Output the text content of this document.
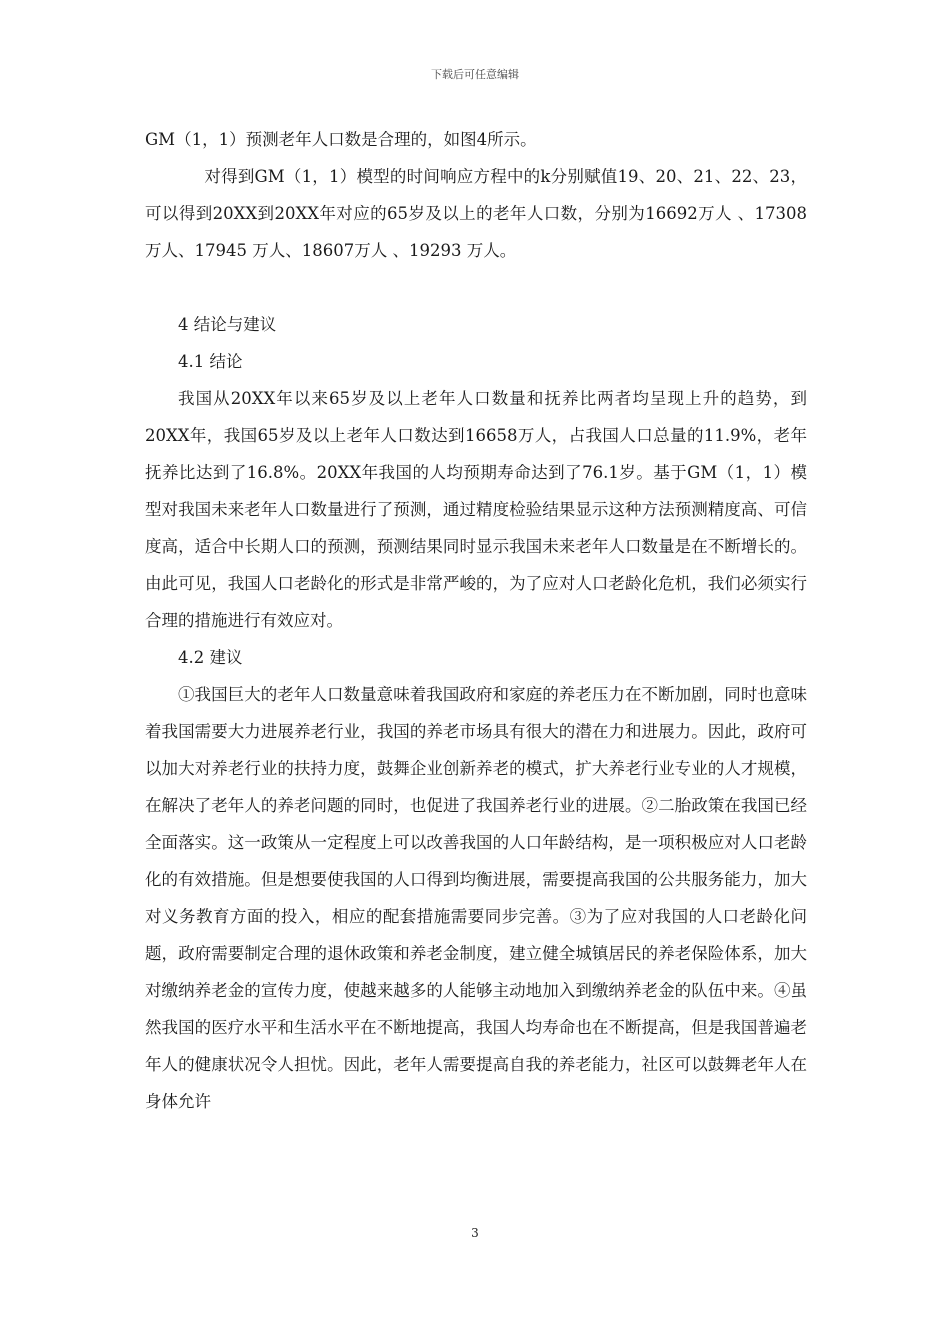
下载后可任意编辑

GM（1，1）预测老年人口数是合理的，如图4所示。

对得到GM（1，1）模型的时间响应方程中的k分别赋值19、20、21、22、23，可以得到20XX到20XX年对应的65岁及以上的老年人口数，分别为16692万人 、17308 万人、17945 万人、18607万人 、19293 万人。

4 结论与建议

4.1 结论

我国从20XX年以来65岁及以上老年人口数量和抚养比两者均呈现上升的趋势，到20XX年，我国65岁及以上老年人口数达到16658万人，占我国人口总量的11.9%，老年抚养比达到了16.8%。20XX年我国的人均预期寿命达到了76.1岁。基于GM（1，1）模型对我国未来老年人口数量进行了预测，通过精度检验结果显示这种方法预测精度高、可信度高，适合中长期人口的预测，预测结果同时显示我国未来老年人口数量是在不断增长的。由此可见，我国人口老龄化的形式是非常严峻的，为了应对人口老龄化危机，我们必须实行合理的措施进行有效应对。

4.2 建议

①我国巨大的老年人口数量意味着我国政府和家庭的养老压力在不断加剧，同时也意味着我国需要大力进展养老行业，我国的养老市场具有很大的潜在力和进展力。因此，政府可以加大对养老行业的扶持力度，鼓舞企业创新养老的模式，扩大养老行业专业的人才规模，在解决了老年人的养老问题的同时，也促进了我国养老行业的进展。②二胎政策在我国已经全面落实。这一政策从一定程度上可以改善我国的人口年龄结构，是一项积极应对人口老龄化的有效措施。但是想要使我国的人口得到均衡进展，需要提高我国的公共服务能力，加大对义务教育方面的投入，相应的配套措施需要同步完善。③为了应对我国的人口老龄化问题，政府需要制定合理的退休政策和养老金制度，建立健全城镇居民的养老保险体系，加大对缴纳养老金的宣传力度，使越来越多的人能够主动地加入到缴纳养老金的队伍中来。④虽然我国的医疗水平和生活水平在不断地提高，我国人均寿命也在不断提高，但是我国普遍老年人的健康状况令人担忧。因此，老年人需要提高自我的养老能力，社区可以鼓舞老年人在身体允许

3
